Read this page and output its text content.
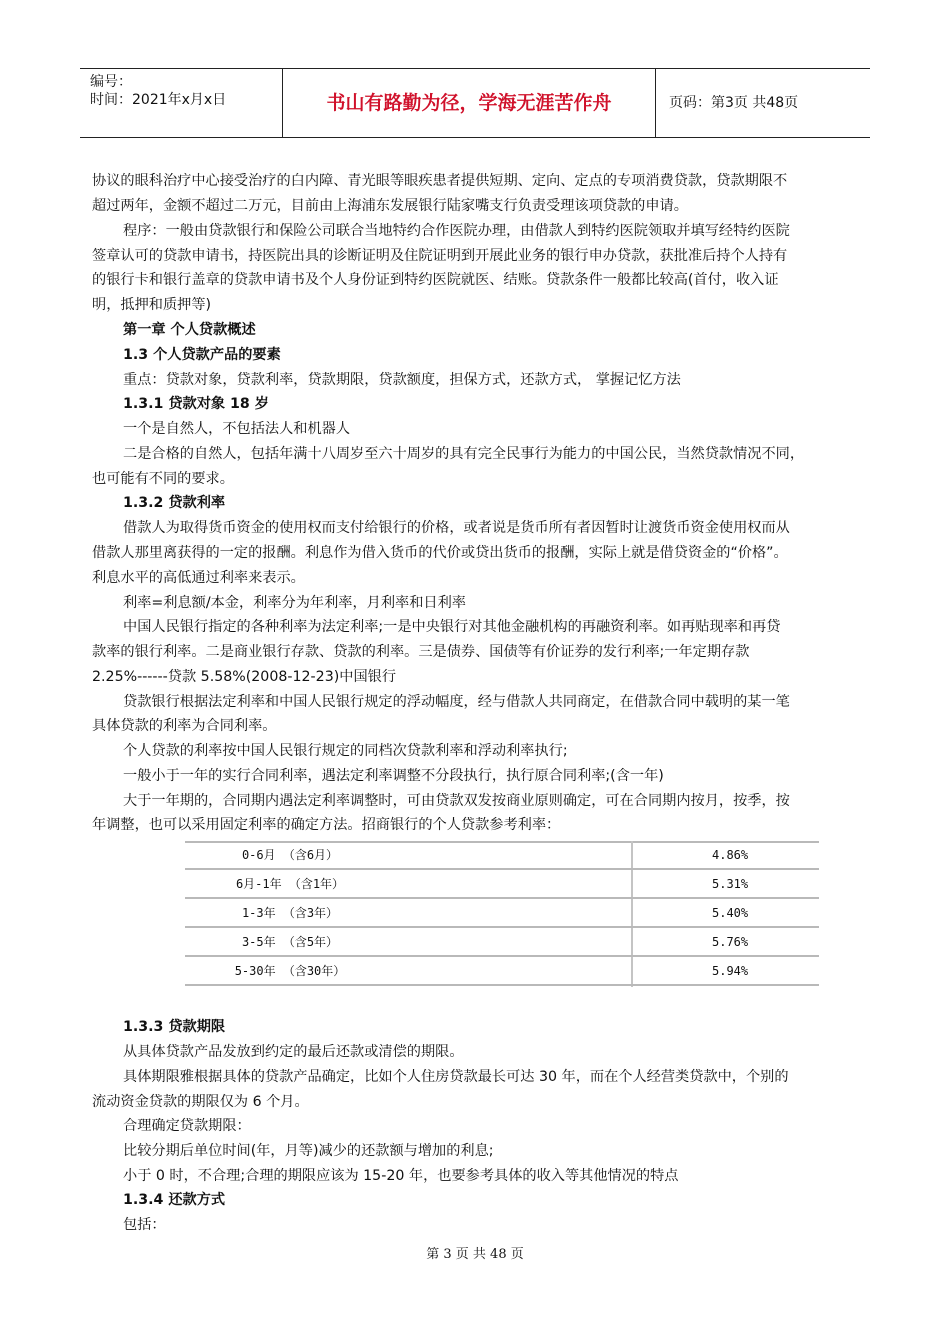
编号：
时间：2021年x月x日	书山有路勤为径，学海无涯苦作舟	页码：第3页 共48页
协议的眼科治疗中心接受治疗的白内障、青光眼等眼疾患者提供短期、定向、定点的专项消费贷款，贷款期限不
超过两年，金额不超过二万元，目前由上海浦东发展银行陆家嘴支行负责受理该项贷款的申请。
程序：一般由贷款银行和保险公司联合当地特约合作医院办理，由借款人到特约医院领取并填写经特约医院
签章认可的贷款申请书，持医院出具的诊断证明及住院证明到开展此业务的银行申办贷款，获批准后持个人持有
的银行卡和银行盖章的贷款申请书及个人身份证到特约医院就医、结账。贷款条件一般都比较高(首付，收入证
明，抵押和质押等)
第一章 个人贷款概述
1.3 个人贷款产品的要素
重点：贷款对象，贷款利率，贷款期限，贷款额度，担保方式，还款方式， 掌握记忆方法
1.3.1 贷款对象 18 岁
一个是自然人，不包括法人和机器人
二是合格的自然人，包括年满十八周岁至六十周岁的具有完全民事行为能力的中国公民，当然贷款情况不同，
也可能有不同的要求。
1.3.2 贷款利率
借款人为取得货币资金的使用权而支付给银行的价格，或者说是货币所有者因暂时让渡货币资金使用权而从
借款人那里离获得的一定的报酬。利息作为借入货币的代价或贷出货币的报酬，实际上就是借贷资金的“价格”。
利息水平的高低通过利率来表示。
利率=利息额/本金，利率分为年利率，月利率和日利率
中国人民银行指定的各种利率为法定利率;一是中央银行对其他金融机构的再融资利率。如再贴现率和再贷
款率的银行利率。二是商业银行存款、贷款的利率。三是债券、国债等有价证券的发行利率;一年定期存款
2.25%------贷款 5.58%(2008-12-23)中国银行
贷款银行根据法定利率和中国人民银行规定的浮动幅度，经与借款人共同商定，在借款合同中载明的某一笔
具体贷款的利率为合同利率。
个人贷款的利率按中国人民银行规定的同档次贷款利率和浮动利率执行;
一般小于一年的实行合同利率，遇法定利率调整不分段执行，执行原合同利率;(含一年)
大于一年期的，合同期内遇法定利率调整时，可由贷款双发按商业原则确定，可在合同期内按月，按季，按
年调整，也可以采用固定利率的确定方法。招商银行的个人贷款参考利率：
0-6月 （含6月）	4.86%
6月-1年 （含1年）	5.31%
1-3年 （含3年）	5.40%
3-5年 （含5年）	5.76%
5-30年 （含30年）	5.94%
1.3.3 贷款期限
从具体贷款产品发放到约定的最后还款或清偿的期限。
具体期限雅根据具体的贷款产品确定，比如个人住房贷款最长可达 30 年，而在个人经营类贷款中，个别的
流动资金贷款的期限仅为 6 个月。
合理确定贷款期限：
比较分期后单位时间(年，月等)减少的还款额与增加的利息;
小于 0 时，不合理;合理的期限应该为 15-20 年，也要参考具体的收入等其他情况的特点
1.3.4 还款方式
包括：
第 3 页 共 48 页
